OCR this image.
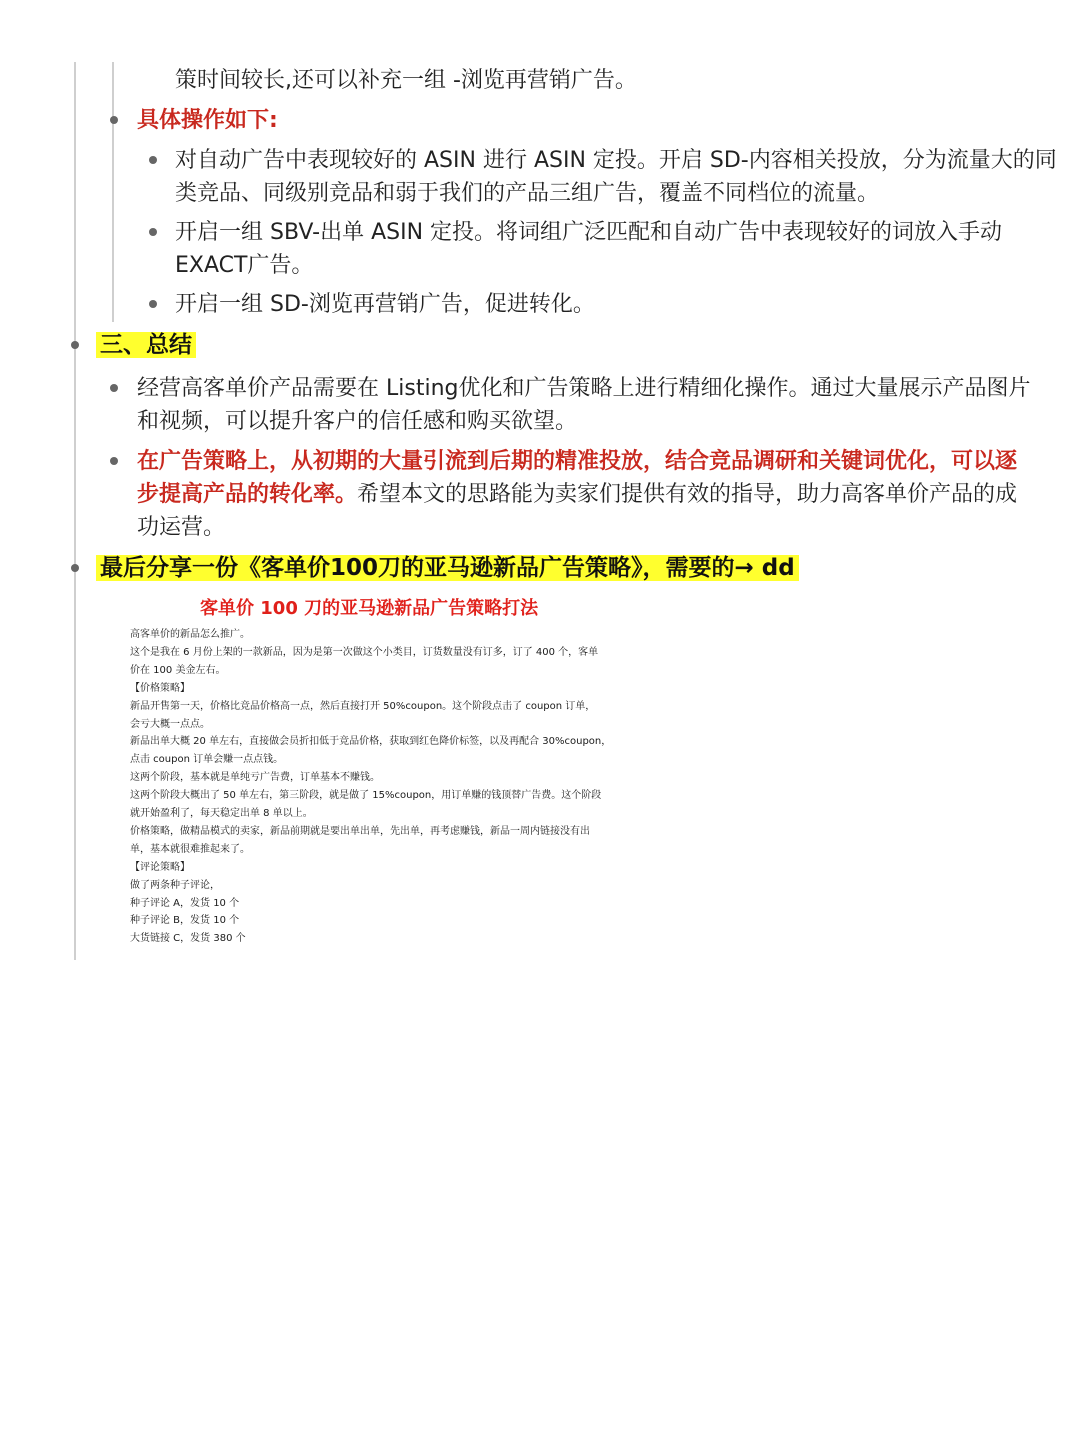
策时间较长,还可以补充一组 -浏览再营销广告。
具体操作如下:
对自动广告中表现较好的 ASIN 进行 ASIN 定投。开启 SD-内容相关投放，分为流量大的同
类竞品、同级别竞品和弱于我们的产品三组广告，覆盖不同档位的流量。
开启一组 SBV-出单 ASIN 定投。将词组广泛匹配和自动广告中表现较好的词放入手动
EXACT广告。
开启一组 SD-浏览再营销广告，促进转化。
三、总结
经营高客单价产品需要在 Listing优化和广告策略上进行精细化操作。通过大量展示产品图片
和视频，可以提升客户的信任感和购买欲望。
在广告策略上，从初期的大量引流到后期的精准投放，结合竞品调研和关键词优化，可以逐
步提高产品的转化率。希望本文的思路能为卖家们提供有效的指导，助力高客单价产品的成
功运营。
最后分享一份《客单价100刀的亚马逊新品广告策略》，需要的→ dd
客单价 100 刀的亚马逊新品广告策略打法
高客单价的新品怎么推广。
这个是我在 6 月份上架的一款新品，因为是第一次做这个小类目，订货数量没有订多，订了 400 个，客单
价在 100 美金左右。
【价格策略】
新品开售第一天，价格比竞品价格高一点，然后直接打开 50%coupon。这个阶段点击了 coupon 订单，
会亏大概一点点。
新品出单大概 20 单左右，直接做会员折扣低于竞品价格，获取到红色降价标签，以及再配合 30%coupon，
点击 coupon 订单会赚一点点钱。
这两个阶段，基本就是单纯亏广告费，订单基本不赚钱。
这两个阶段大概出了 50 单左右，第三阶段，就是做了 15%coupon，用订单赚的钱顶替广告费。这个阶段
就开始盈利了，每天稳定出单 8 单以上。
价格策略，做精品模式的卖家，新品前期就是要出单出单，先出单，再考虑赚钱，新品一周内链接没有出
单，基本就很难推起来了。
【评论策略】
做了两条种子评论，
种子评论 A，发货 10 个
种子评论 B，发货 10 个
大货链接 C，发货 380 个
